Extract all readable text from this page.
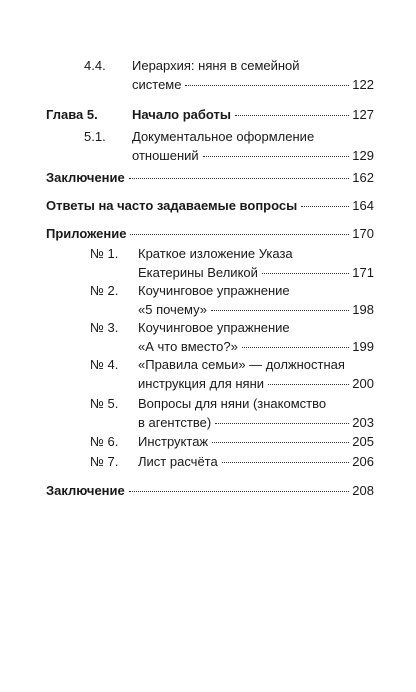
4.4.	Иерархия: няня в семейной
системе	122
Глава 5.	Начало работы	127
5.1.	Документальное оформление
отношений	129
Заключение	162
Ответы на часто задаваемые вопросы	164
Приложение	170
№ 1.	Краткое изложение Указа
Екатерины Великой	171
№ 2.	Коучинговое упражнение
«5 почему»	198
№ 3.	Коучинговое упражнение
«А что вместо?»	199
№ 4.	«Правила семьи» — должностная
инструкция для няни	200
№ 5.	Вопросы для няни (знакомство
в агентстве)	203
№ 6.	Инструктаж	205
№ 7.	Лист расчёта	206
Заключение	208
